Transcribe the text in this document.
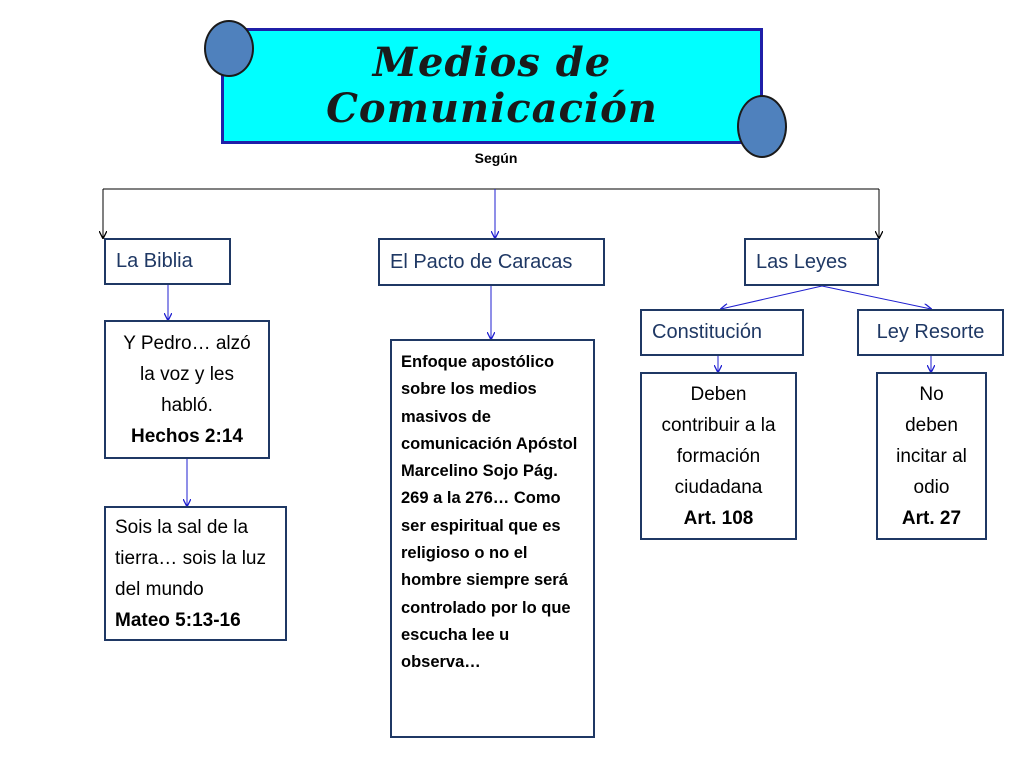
Medios de
Comunicación
Según
La Biblia
Y Pedro… alzó la voz y les habló.
Hechos 2:14
Sois la sal de la tierra… sois la luz del mundo
Mateo 5:13-16
El Pacto de Caracas
Enfoque apostólico sobre los medios masivos de comunicación Apóstol Marcelino Sojo Pág. 269 a la 276… Como ser espiritual que es religioso o no el hombre siempre será controlado por lo que escucha lee u observa…
Las Leyes
Constitución	Ley Resorte
Deben contribuir a la formación ciudadana
Art. 108
No deben incitar al odio
Art. 27
